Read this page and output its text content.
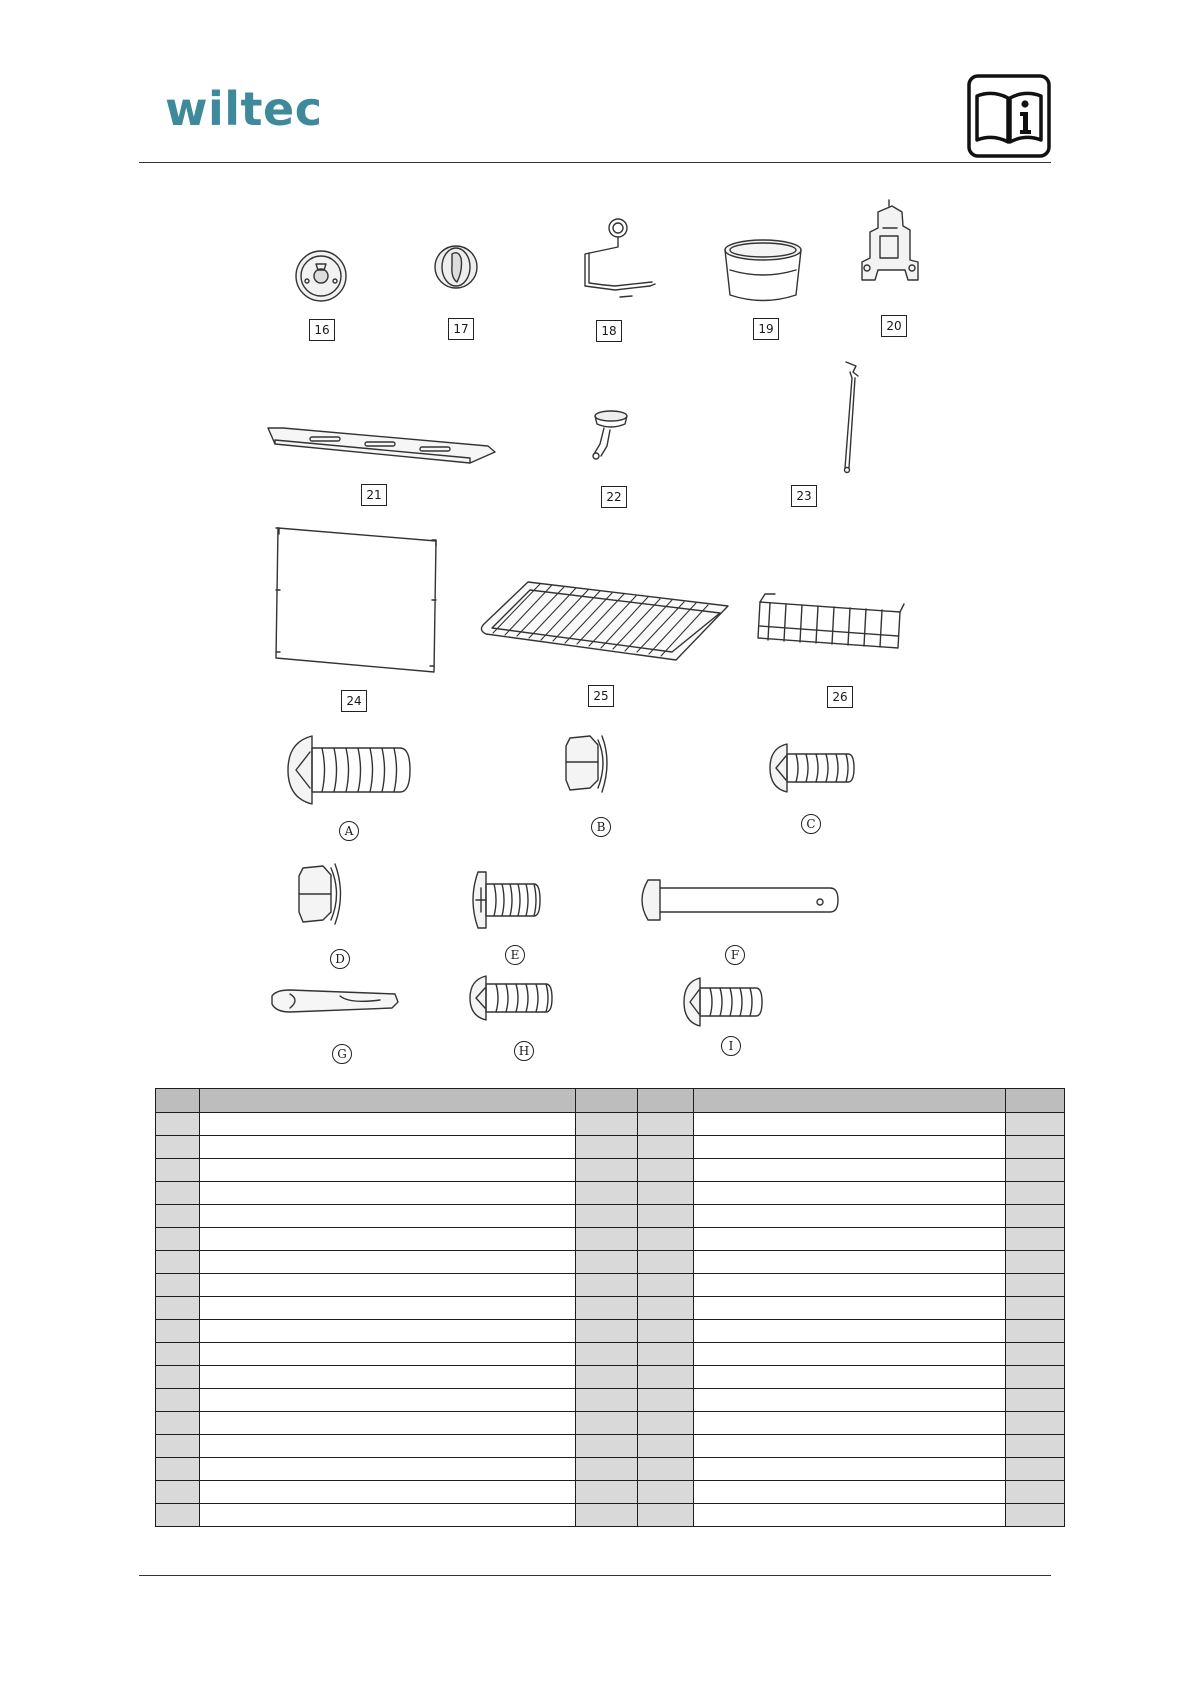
wiltec
16	17	18	19	20
21	22	23
24	25	26
A	B	C
D	E	F
G	H	I
